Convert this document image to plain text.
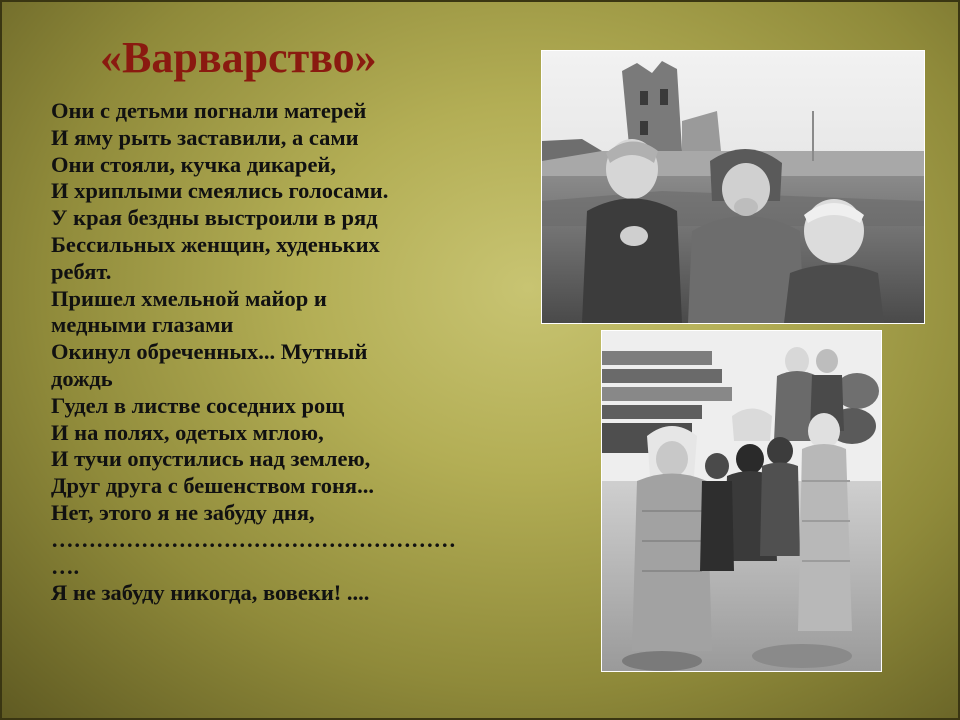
«Варварство»
Они с детьми погнали матерей
И яму рыть заставили, а сами
Они стояли, кучка дикарей,
И хриплыми смеялись голосами.
У края бездны выстроили в ряд
Бессильных женщин, худеньких
ребят.
Пришел хмельной майор и
медными глазами
Окинул обреченных... Мутный
дождь
Гудел в листве соседних рощ
И на полях, одетых мглою,
И тучи опустились над землею,
Друг друга с бешенством гоня...
Нет, этого я не забуду дня,
………………………………………………
….
Я не забуду никогда, вовеки! ....
